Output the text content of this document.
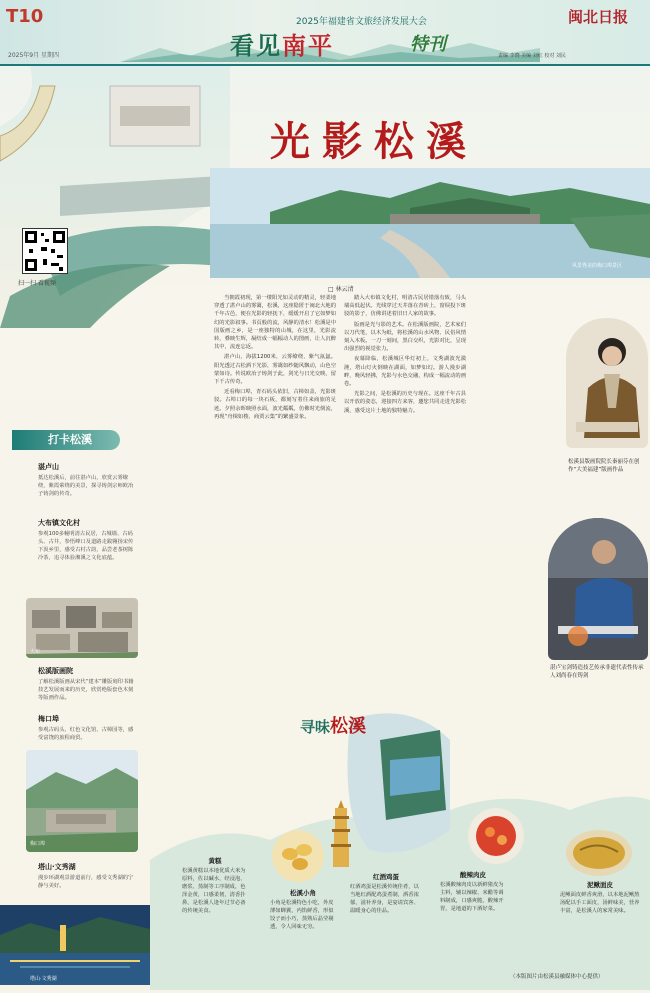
T10
2025年9月 星期四
2025年福建省文旅经济发展大会
看见南平	特刊
闽北日报
责编 李晓 美编 刘红 校对 刘民
扫一扫 看视频
打卡松溪
湛卢山
抵达松溪后，前往湛卢山，欣赏云雾缭绕，紫霞萦绕的美景，探寻铸剑宗师欧冶子铸剑的传奇。
大布镇文化村
参观100多幢明清古民居，古城墙、古码头、古井，参悟峰口及道路走跋翱扬宋传下汲乡里，感受古村古韵，品尝老茶树陈冷茶，追寻体验湘溪之文化底蕴。
大布
松溪版画院
了解松溪版画从宋代“建本”雕版刻印书籍技艺发展而来的历史，欣赏绝版套色木刻等版画作品。
梅口埠
参观古码头、红色文化馆、古樟园等，感受富饶的旅程商贸。
梅口埠
塔山·文秀湖
漫步环湖观景游道前行，感受文秀湖的宁静与美好。
塔山·文秀湖
光影松溪
风景秀美的梅口埠景区
□ 林云清

当朝霞初现，第一缕阳光如灵动的精灵，轻柔地穿透了湛卢山的雾霭，松溪，这座隐匿于闽北大地的千年古邑，便在光影的轻抚下，缓缓开启了它如梦如幻的光影叙事。书页般的流，风静的清水！松溪是中国版画之乡，是一座独特的山城，在这里，光影流转，叠映生辉，凝结成一幅幅动人的图画，让人沉醉其中，流连忘返。

湛卢山，海拔1200米，云雾缭绕、紫气氤氲。阳光透过古松洒下光影，雾霭如纱随风飘动，山色空蒙如诗。传说欧冶子铸剑于此，剑光与日光交映，留下千古传奇。

近看梅口埠，青石码头依旧，古樟如盖，光影斑驳。古埠口的每一块石板，都刻写着往来商旅的足迹。夕照余晖映照水面，波光粼粼，仿佛时光倒流，再现“舟楫如梭、商贾云集”的繁盛景象。

踏入大布镇文化村，明清古民居错落有致，马头墙高低起伏。光线穿过天井落在青砖上，窗棂投下斑驳的影子，仿佛讲述着旧日人家的故事。

版画是光与影的艺术。在松溪版画院，艺术家们以刀代笔，以木为纸，将松溪的山水风物、民俗风情刻入木板。一刀一刻间，黑白交织，光影对比，呈现出强烈的视觉张力。

夜幕降临，松溪城区华灯初上，文秀湖波光潋滟，塔山灯火倒映在湖面，如梦如幻。游人漫步湖畔，晚风轻拂，光影与水色交融，构成一幅流动的画卷。

光影之间，是松溪的历史与现在。这座千年古县以开放的姿态，迎接四方来客，邀您共同走进光影松溪，感受这片土地的独特魅力。

松溪县版画院院长秦丽芬在创作“大美福建”版画作品
湛卢宝剑铸造技艺传承非遗代表性传承人刘尚春在铸剑
寻味松溪
黄糕
松溪黄糕以本地优质大米为原料，佐以碱水，经浸泡、磨浆、蒸制等工序制成，色泽金黄，口感柔韧，清香扑鼻，是松溪人逢年过节必备的传统美食。
松溪小角
小角是松溪特色小吃，外皮薄如蝉翼，内馅鲜香，形似饺子而小巧，蒸熟后晶莹剔透，令人回味无穷。
红酒鸡蛋
红酒鸡蛋是松溪传统佳肴，以当地红酒配鸡蛋煮制，酒香浓郁，滋补养身，是宴请宾客、温暖身心的佳品。
酸辣肉皮
松溪酸辣肉皮以新鲜猪皮为主料，辅以辣椒、米醋等调料制成，口感爽脆，酸辣开胃，是地道的下酒好菜。
泥鳅面皮
泥鳅面皮鲜香爽滑，以本地泥鳅熬汤配以手工面皮，汤鲜味美，营养丰富，是松溪人的家常美味。
（本版图片由松溪县融媒体中心提供）
